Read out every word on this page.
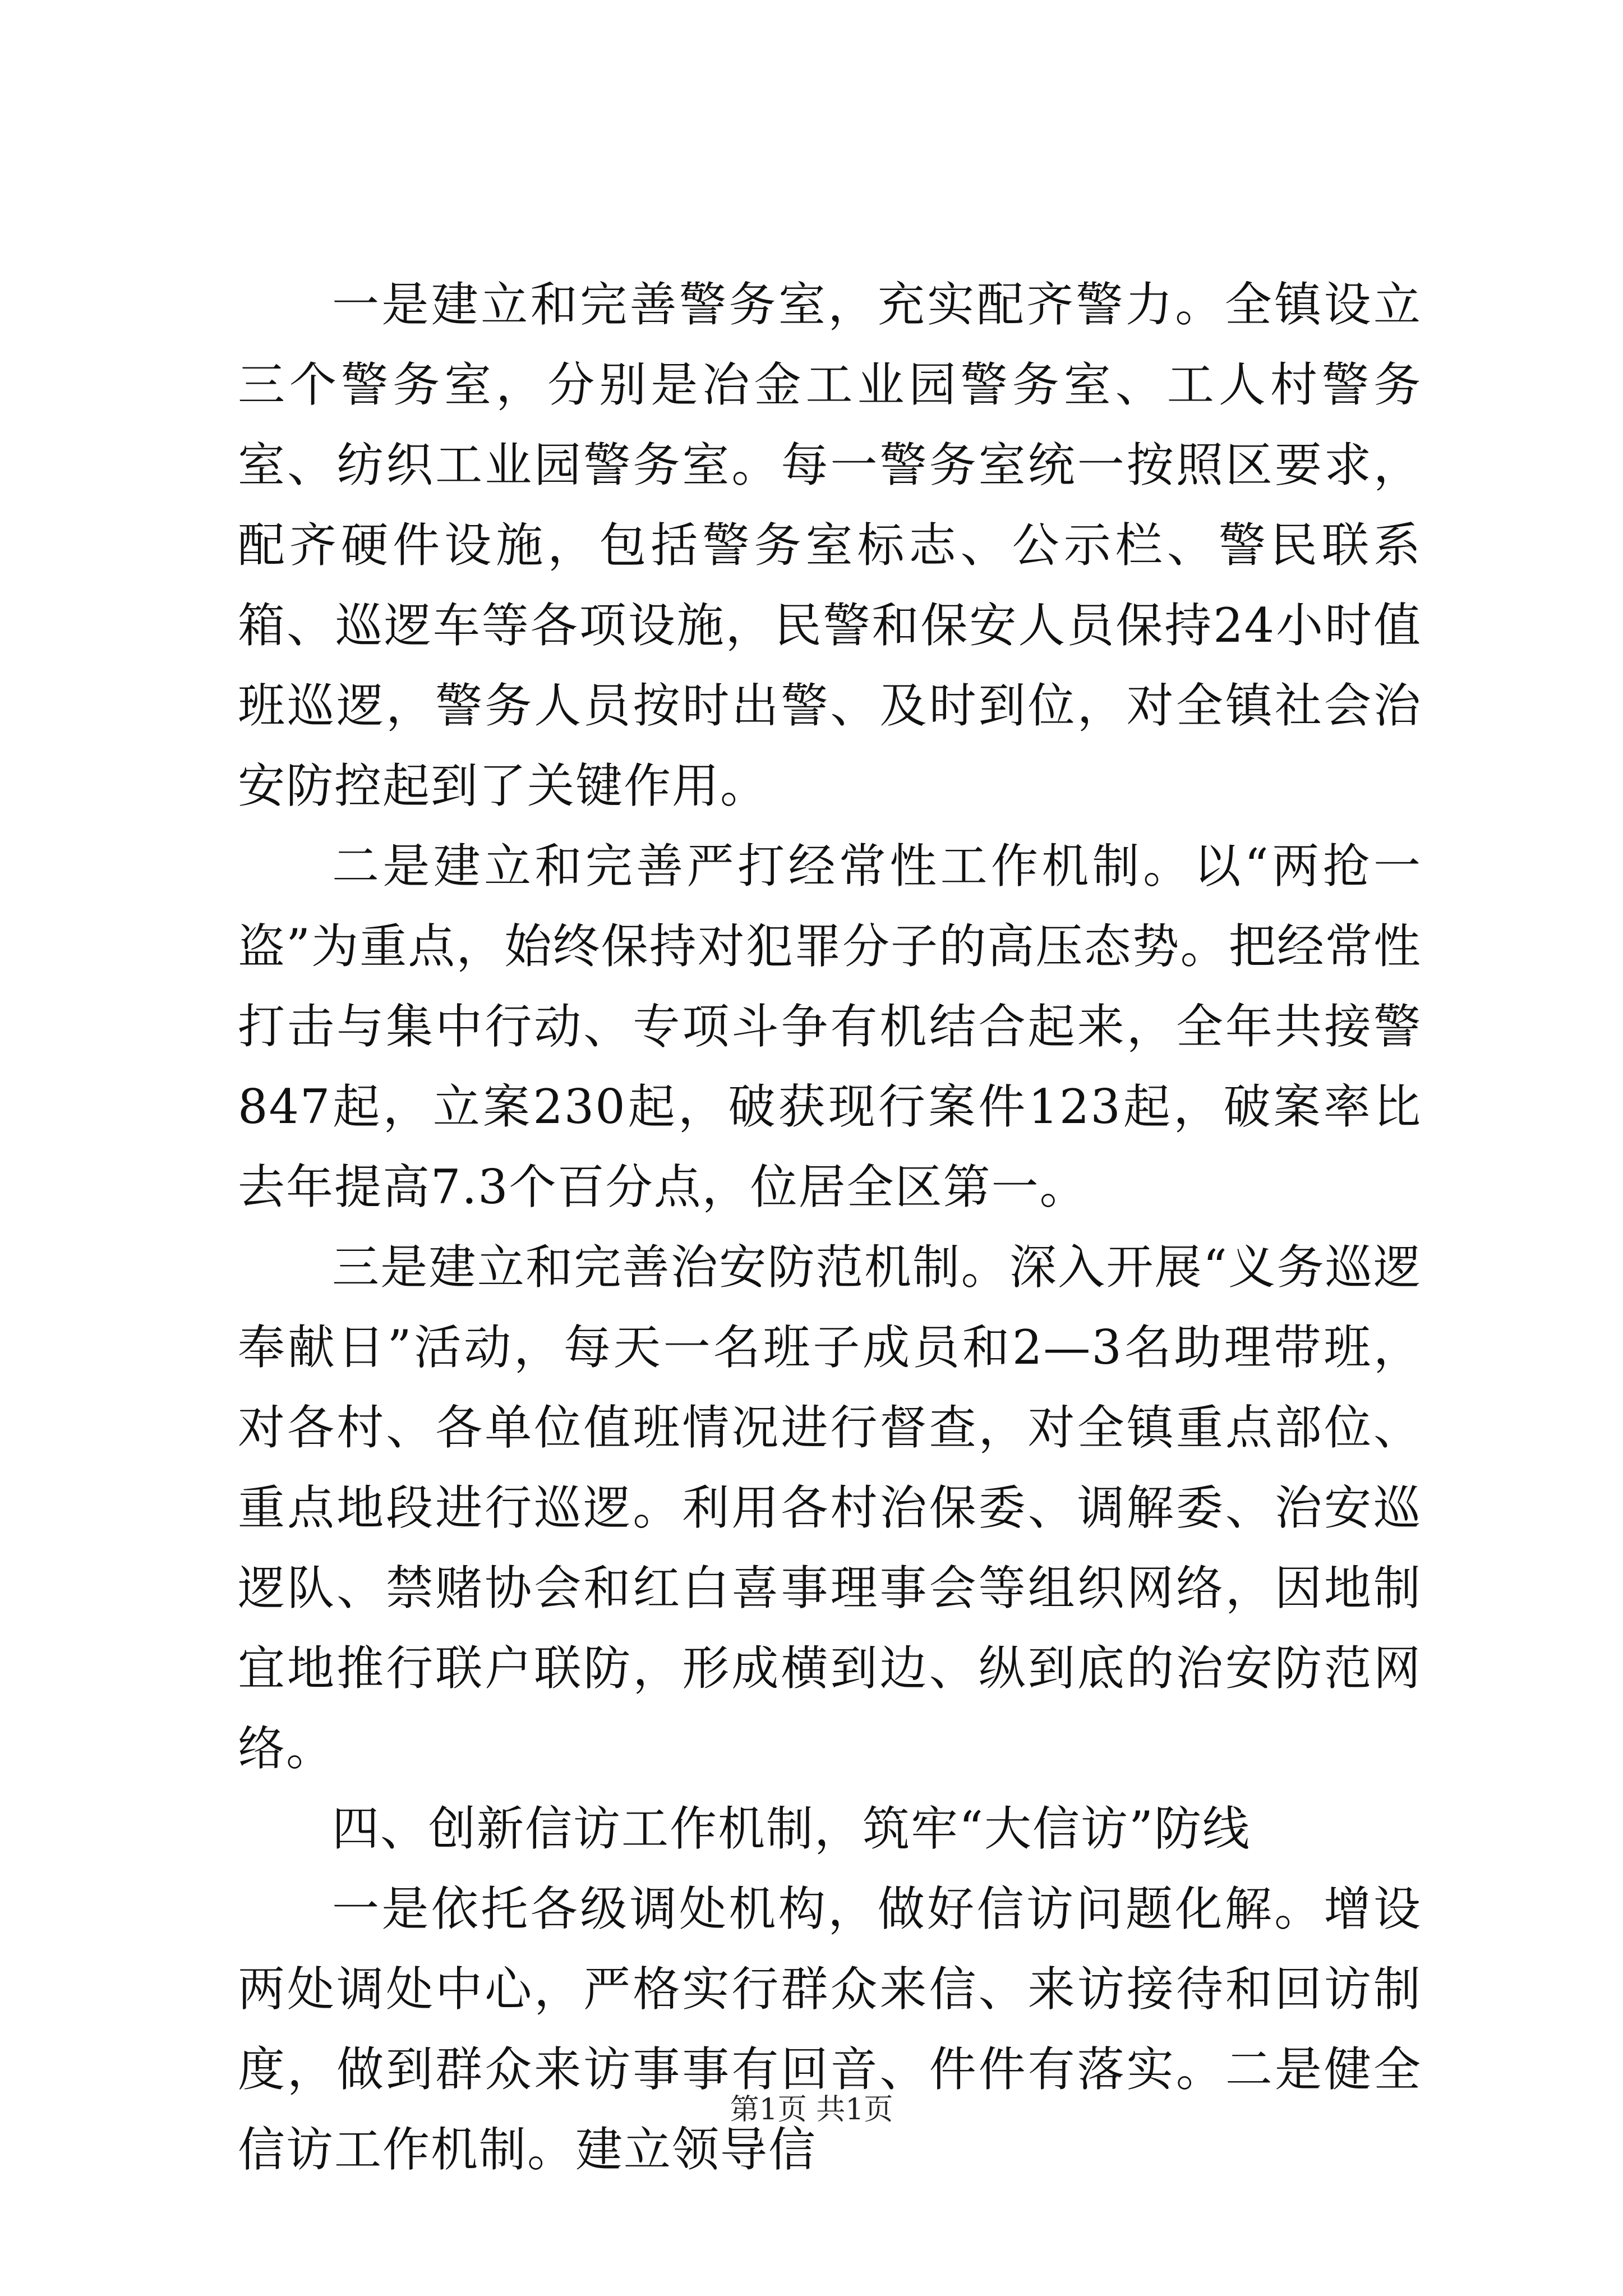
一是建立和完善警务室，充实配齐警力。全镇设立三个警务室，分别是冶金工业园警务室、工人村警务室、纺织工业园警务室。每一警务室统一按照区要求，配齐硬件设施，包括警务室标志、公示栏、警民联系箱、巡逻车等各项设施，民警和保安人员保持24小时值班巡逻，警务人员按时出警、及时到位，对全镇社会治安防控起到了关键作用。

二是建立和完善严打经常性工作机制。以“两抢一盗”为重点，始终保持对犯罪分子的高压态势。把经常性打击与集中行动、专项斗争有机结合起来，全年共接警847起，立案230起，破获现行案件123起，破案率比去年提高7.3个百分点，位居全区第一。

三是建立和完善治安防范机制。深入开展“义务巡逻奉献日”活动，每天一名班子成员和2—3名助理带班，对各村、各单位值班情况进行督查，对全镇重点部位、重点地段进行巡逻。利用各村治保委、调解委、治安巡逻队、禁赌协会和红白喜事理事会等组织网络，因地制宜地推行联户联防，形成横到边、纵到底的治安防范网络。

四、创新信访工作机制，筑牢“大信访”防线

一是依托各级调处机构，做好信访问题化解。增设两处调处中心，严格实行群众来信、来访接待和回访制度，做到群众来访事事有回音、件件有落实。二是健全信访工作机制。建立领导信

第1页 共1页
